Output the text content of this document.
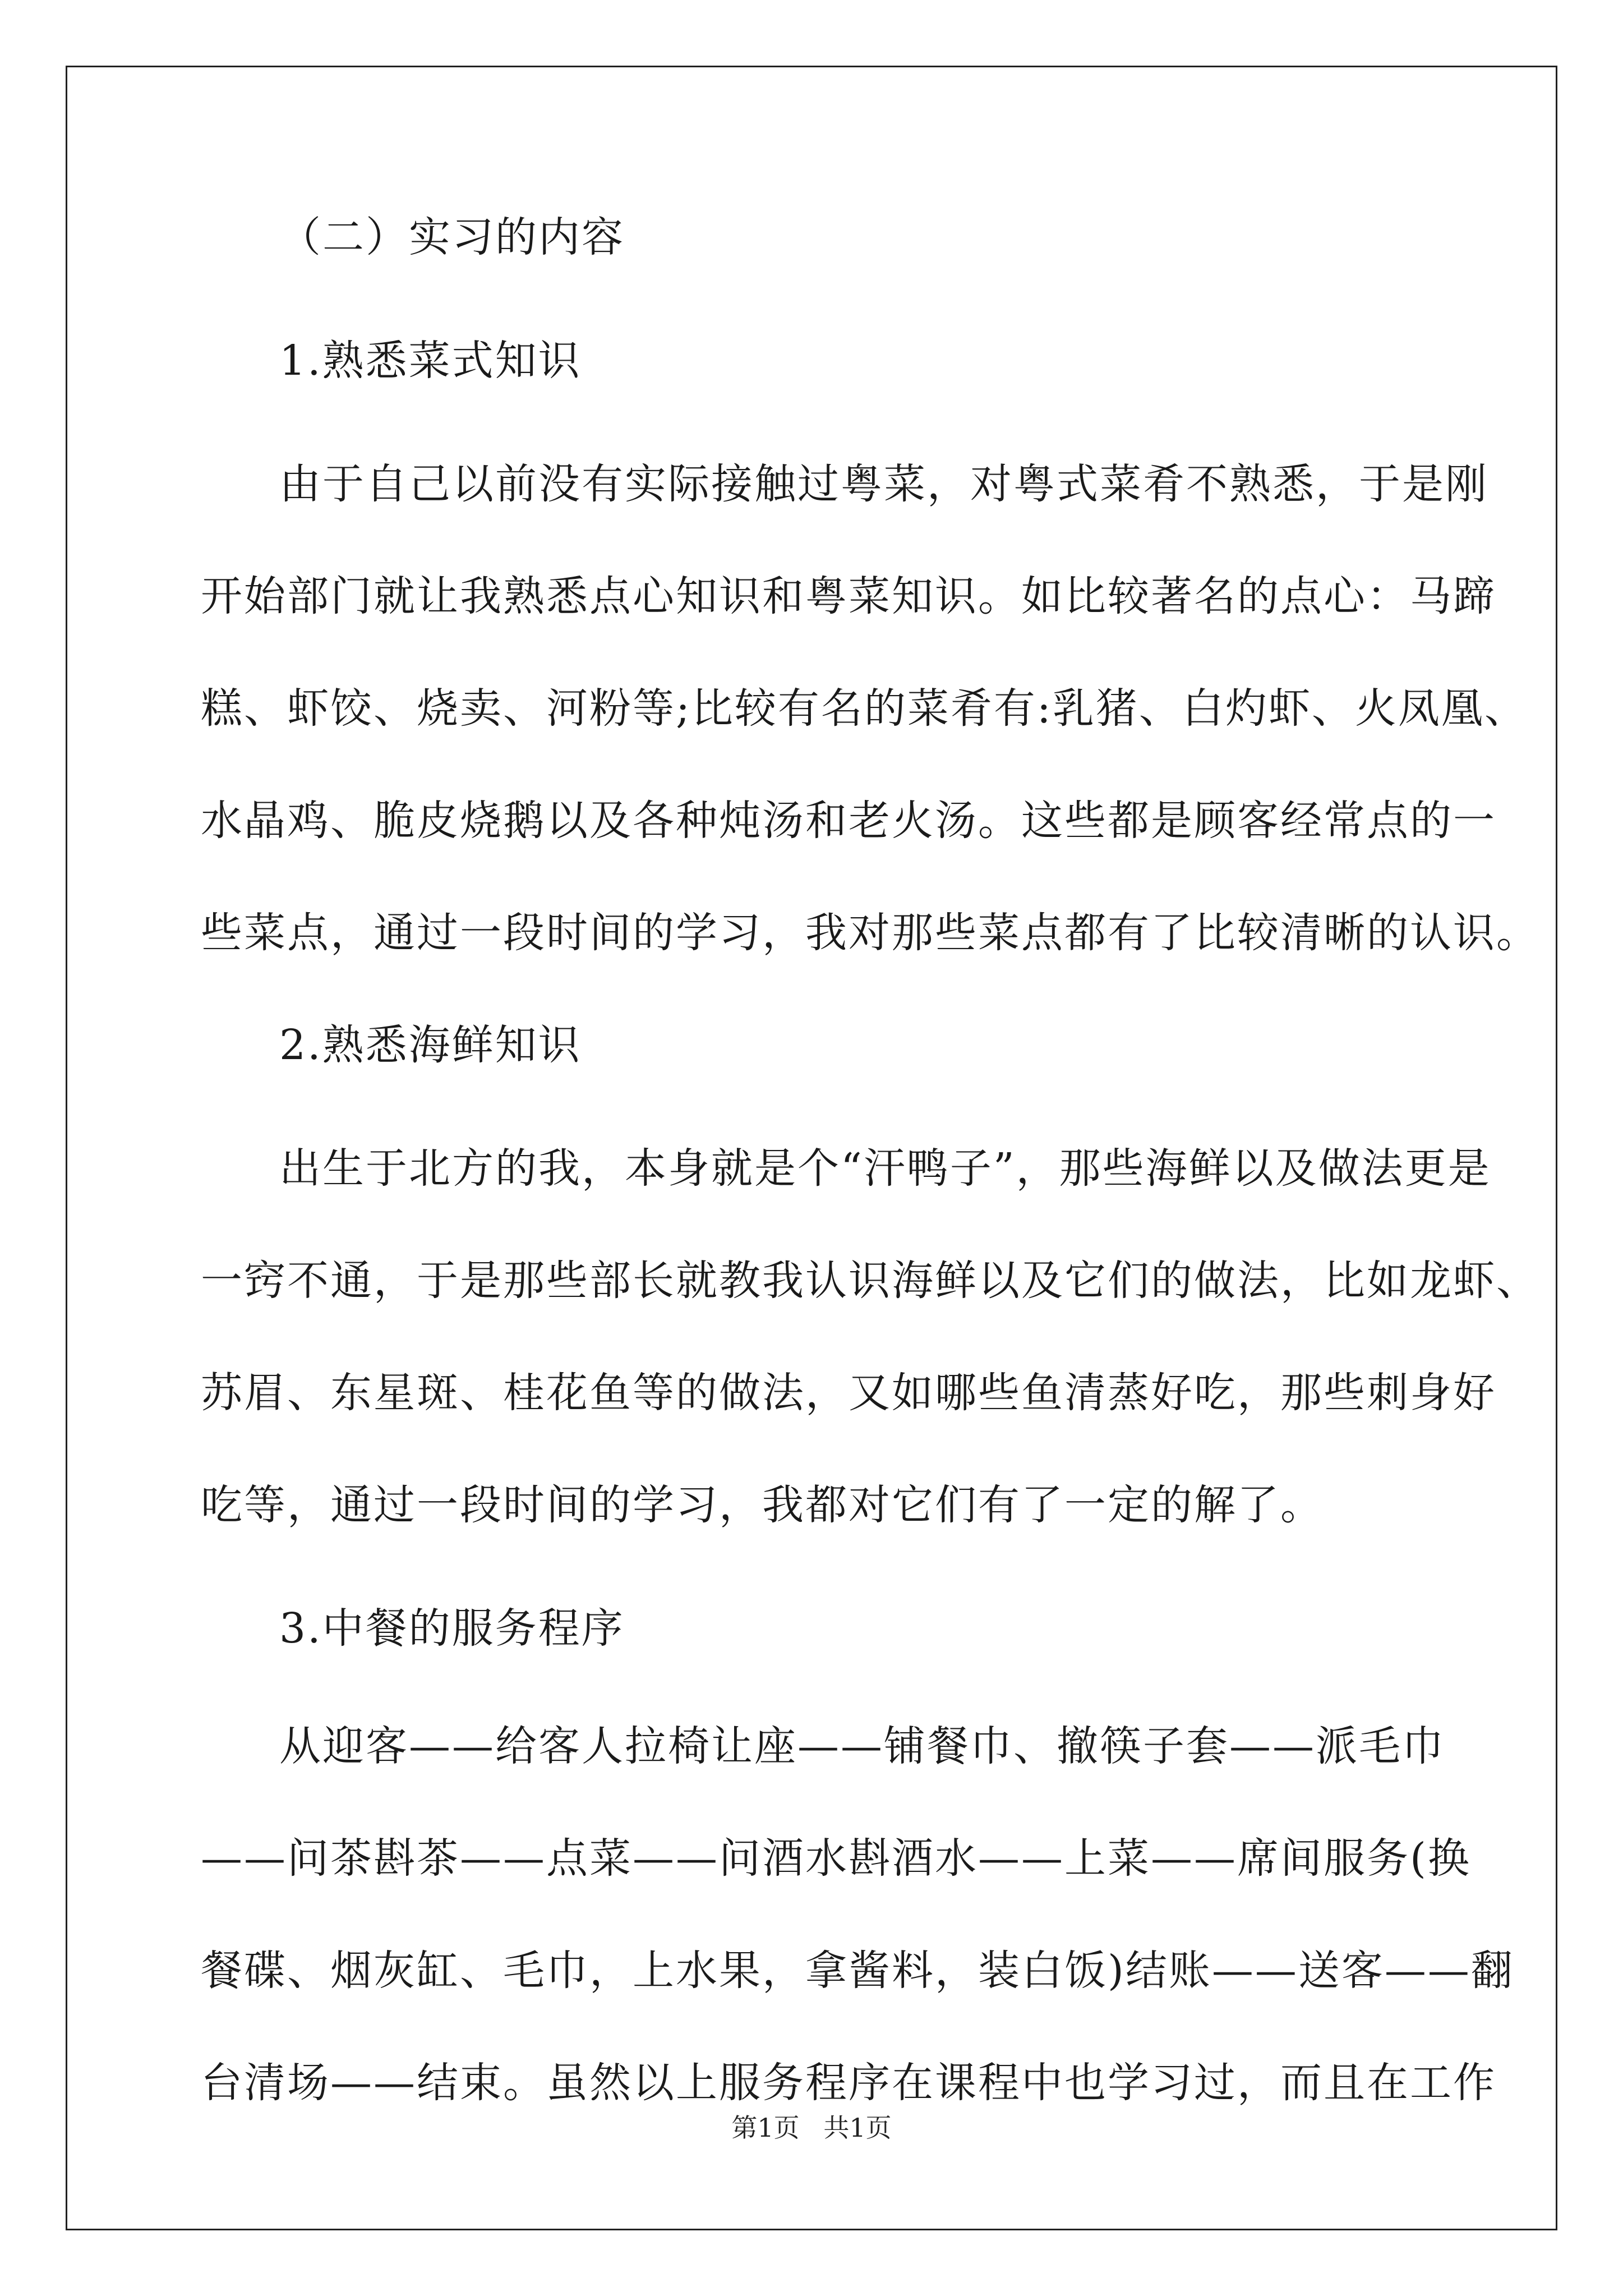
（二）实习的内容
1.熟悉菜式知识
由于自己以前没有实际接触过粤菜，对粤式菜肴不熟悉，于是刚
开始部门就让我熟悉点心知识和粤菜知识。如比较著名的点心：马蹄
糕、虾饺、烧卖、河粉等;比较有名的菜肴有:乳猪、白灼虾、火凤凰、
水晶鸡、脆皮烧鹅以及各种炖汤和老火汤。这些都是顾客经常点的一
些菜点，通过一段时间的学习，我对那些菜点都有了比较清晰的认识。
2.熟悉海鲜知识
出生于北方的我，本身就是个“汗鸭子”，那些海鲜以及做法更是
一窍不通，于是那些部长就教我认识海鲜以及它们的做法，比如龙虾、
苏眉、东星斑、桂花鱼等的做法，又如哪些鱼清蒸好吃，那些刺身好
吃等，通过一段时间的学习，我都对它们有了一定的解了。
3.中餐的服务程序
从迎客——给客人拉椅让座——铺餐巾、撤筷子套——派毛巾
——问茶斟茶——点菜——问酒水斟酒水——上菜——席间服务(换
餐碟、烟灰缸、毛巾，上水果，拿酱料，装白饭)结账——送客——翻
台清场——结束。虽然以上服务程序在课程中也学习过，而且在工作
第1页 共1页
